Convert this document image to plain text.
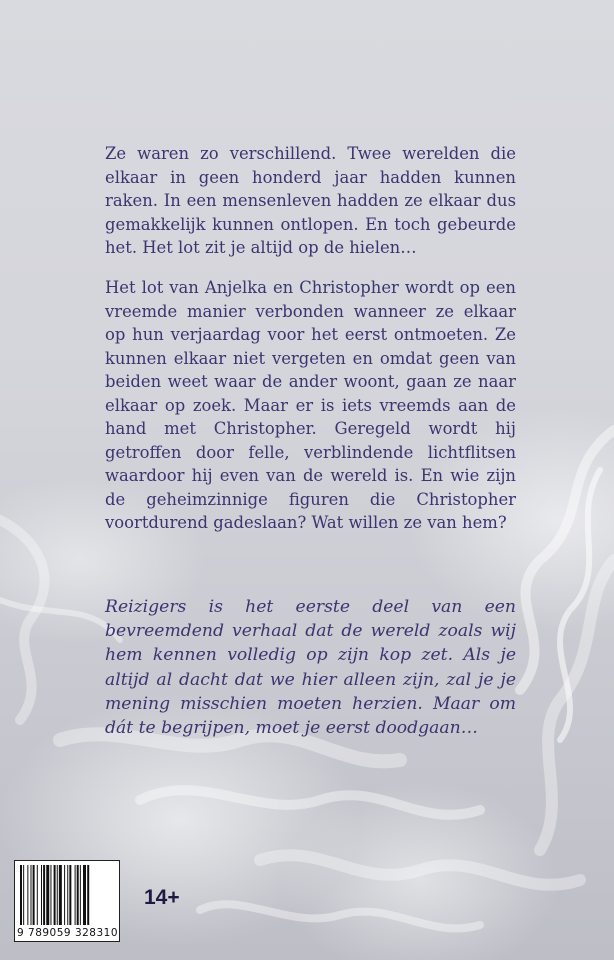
Ze waren zo verschillend. Twee werelden die elkaar in geen honderd jaar hadden kunnen raken. In een mensenleven hadden ze elkaar dus gemakkelijk kunnen ontlopen. En toch gebeurde het. Het lot zit je altijd op de hielen…

Het lot van Anjelka en Christopher wordt op een vreemde manier verbonden wanneer ze elkaar op hun verjaardag voor het eerst ontmoeten. Ze kunnen elkaar niet vergeten en omdat geen van beiden weet waar de ander woont, gaan ze naar elkaar op zoek. Maar er is iets vreemds aan de hand met Christopher. Geregeld wordt hij getroffen door felle, verblindende lichtflitsen waardoor hij even van de wereld is. En wie zijn de geheimzinnige figuren die Christopher voortdurend gadeslaan? Wat willen ze van hem?

Reizigers is het eerste deel van een bevreemdend verhaal dat de wereld zoals wij hem kennen volledig op zijn kop zet. Als je altijd al dacht dat we hier alleen zijn, zal je je mening misschien moeten herzien. Maar om dát te begrijpen, moet je eerst doodgaan…

9 789059 328310
14+
